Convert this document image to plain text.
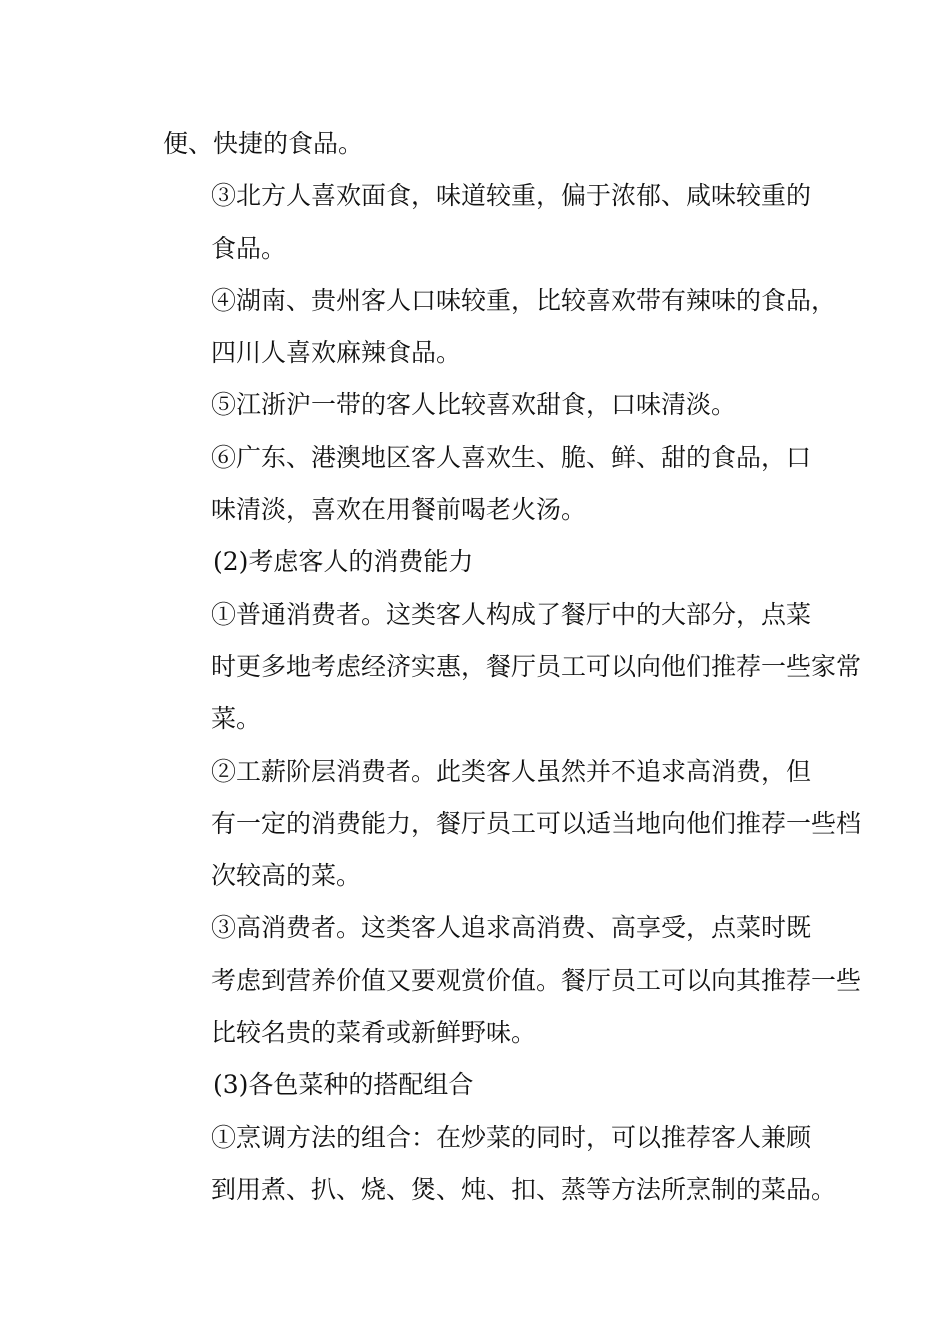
便、快捷的食品。

③北方人喜欢面食，味道较重，偏于浓郁、咸味较重的
食品。

④湖南、贵州客人口味较重，比较喜欢带有辣味的食品，
四川人喜欢麻辣食品。

⑤江浙沪一带的客人比较喜欢甜食，口味清淡。

⑥广东、港澳地区客人喜欢生、脆、鲜、甜的食品，口
味清淡，喜欢在用餐前喝老火汤。

(2)考虑客人的消费能力

①普通消费者。这类客人构成了餐厅中的大部分，点菜
时更多地考虑经济实惠，餐厅员工可以向他们推荐一些家常
菜。

②工薪阶层消费者。此类客人虽然并不追求高消费，但
有一定的消费能力，餐厅员工可以适当地向他们推荐一些档
次较高的菜。

③高消费者。这类客人追求高消费、高享受，点菜时既
考虑到营养价值又要观赏价值。餐厅员工可以向其推荐一些
比较名贵的菜肴或新鲜野味。

(3)各色菜种的搭配组合

①烹调方法的组合：在炒菜的同时，可以推荐客人兼顾
到用煮、扒、烧、煲、炖、扣、蒸等方法所烹制的菜品。
